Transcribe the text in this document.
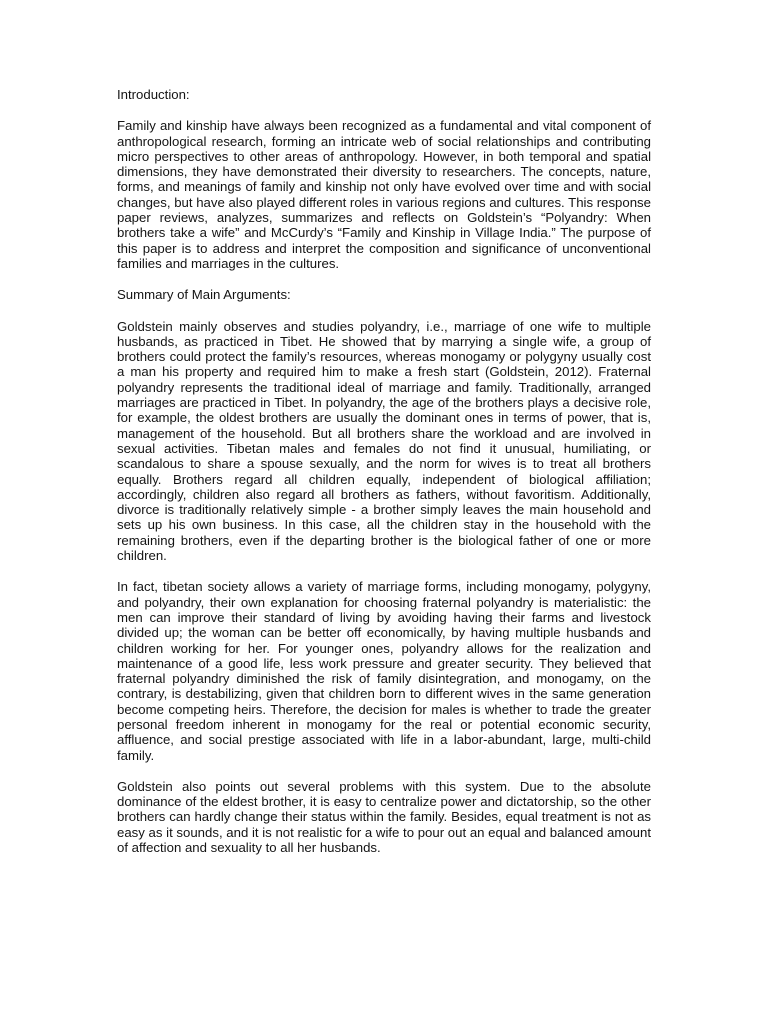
Introduction:

Family and kinship have always been recognized as a fundamental and vital component of anthropological research, forming an intricate web of social relationships and contributing micro perspectives to other areas of anthropology. However, in both temporal and spatial dimensions, they have demonstrated their diversity to researchers. The concepts, nature, forms, and meanings of family and kinship not only have evolved over time and with social changes, but have also played different roles in various regions and cultures. This response paper reviews, analyzes, summarizes and reflects on Goldstein’s “Polyandry: When brothers take a wife” and McCurdy’s “Family and Kinship in Village India.” The purpose of this paper is to address and interpret the composition and significance of unconventional families and marriages in the cultures.

Summary of Main Arguments:

Goldstein mainly observes and studies polyandry, i.e., marriage of one wife to multiple husbands, as practiced in Tibet. He showed that by marrying a single wife, a group of brothers could protect the family’s resources, whereas monogamy or polygyny usually cost a man his property and required him to make a fresh start (Goldstein, 2012). Fraternal polyandry represents the traditional ideal of marriage and family. Traditionally, arranged marriages are practiced in Tibet. In polyandry, the age of the brothers plays a decisive role, for example, the oldest brothers are usually the dominant ones in terms of power, that is, management of the household. But all brothers share the workload and are involved in sexual activities. Tibetan males and females do not find it unusual, humiliating, or scandalous to share a spouse sexually, and the norm for wives is to treat all brothers equally. Brothers regard all children equally, independent of biological affiliation; accordingly, children also regard all brothers as fathers, without favoritism. Additionally, divorce is traditionally relatively simple - a brother simply leaves the main household and sets up his own business. In this case, all the children stay in the household with the remaining brothers, even if the departing brother is the biological father of one or more children.

In fact, tibetan society allows a variety of marriage forms, including monogamy, polygyny, and polyandry, their own explanation for choosing fraternal polyandry is materialistic: the men can improve their standard of living by avoiding having their farms and livestock divided up; the woman can be better off economically, by having multiple husbands and children working for her. For younger ones, polyandry allows for the realization and maintenance of a good life, less work pressure and greater security. They believed that fraternal polyandry diminished the risk of family disintegration, and monogamy, on the contrary, is destabilizing, given that children born to different wives in the same generation become competing heirs. Therefore, the decision for males is whether to trade the greater personal freedom inherent in monogamy for the real or potential economic security, affluence, and social prestige associated with life in a labor-abundant, large, multi-child family.

Goldstein also points out several problems with this system. Due to the absolute dominance of the eldest brother, it is easy to centralize power and dictatorship, so the other brothers can hardly change their status within the family. Besides, equal treatment is not as easy as it sounds, and it is not realistic for a wife to pour out an equal and balanced amount of affection and sexuality to all her husbands.
